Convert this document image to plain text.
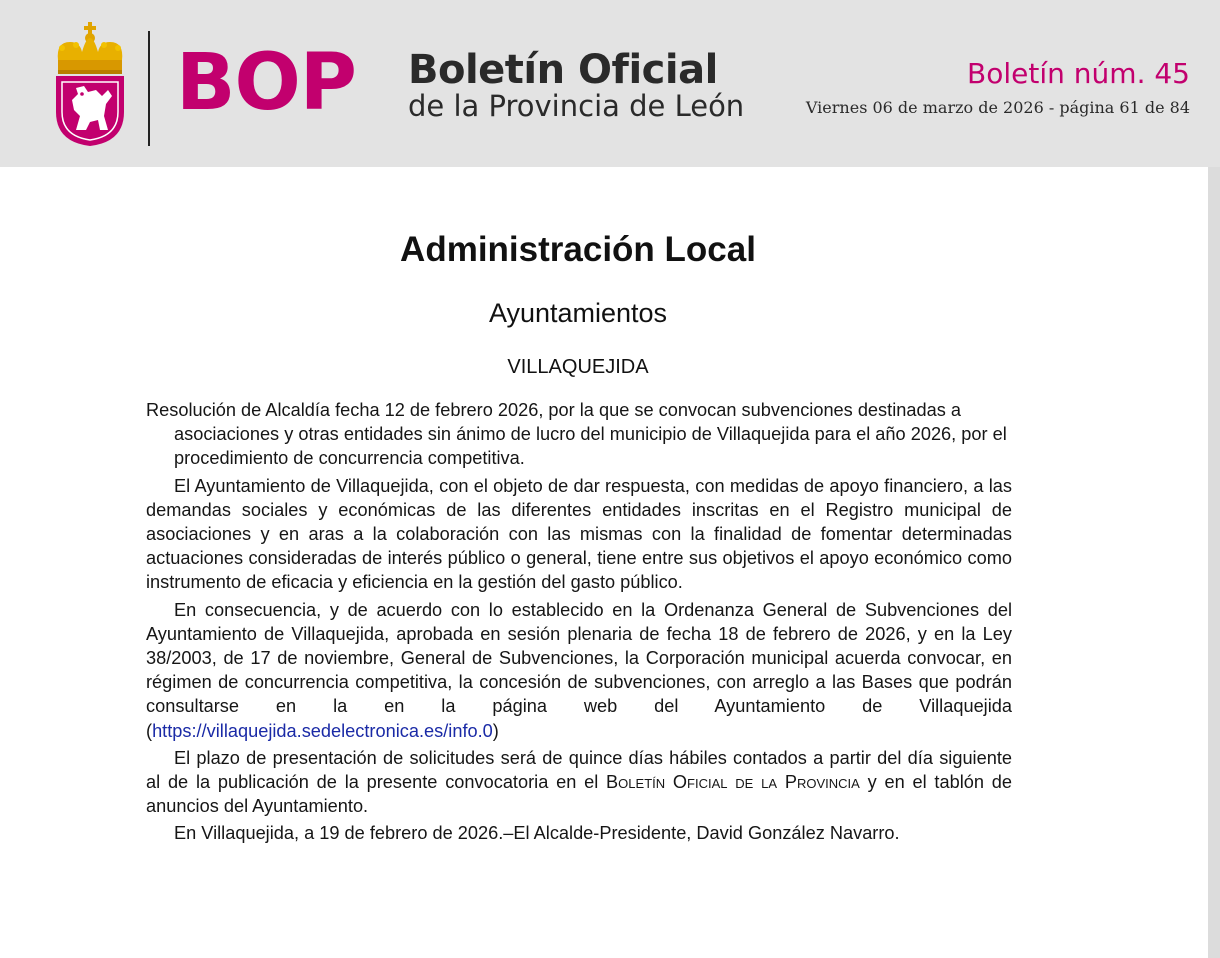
BOP Boletín Oficial
de la Provincia de León
Boletín núm. 45
Viernes 06 de marzo de 2026 - página 61 de 84
Administración Local
Ayuntamientos
VILLAQUEJIDA

Resolución de Alcaldía fecha 12 de febrero 2026, por la que se convocan subvenciones destinadas a asociaciones y otras entidades sin ánimo de lucro del municipio de Villaquejida para el año 2026, por el procedimiento de concurrencia competitiva.

El Ayuntamiento de Villaquejida, con el objeto de dar respuesta, con medidas de apoyo financiero, a las demandas sociales y económicas de las diferentes entidades inscritas en el Registro municipal de asociaciones y en aras a la colaboración con las mismas con la finalidad de fomentar determinadas actuaciones consideradas de interés público o general, tiene entre sus objetivos el apoyo económico como instrumento de eficacia y eficiencia en la gestión del gasto público.

En consecuencia, y de acuerdo con lo establecido en la Ordenanza General de Subvenciones del Ayuntamiento de Villaquejida, aprobada en sesión plenaria de fecha 18 de febrero de 2026, y en la Ley 38/2003, de 17 de noviembre, General de Subvenciones, la Corporación municipal acuerda convocar, en régimen de concurrencia competitiva, la concesión de subvenciones, con arreglo a las Bases que podrán consultarse en la en la página web del Ayuntamiento de Villaquejida (https://villaquejida.sedelectronica.es/info.0)

El plazo de presentación de solicitudes será de quince días hábiles contados a partir del día siguiente al de la publicación de la presente convocatoria en el Boletín Oficial de la Provincia y en el tablón de anuncios del Ayuntamiento.

En Villaquejida, a 19 de febrero de 2026.–El Alcalde-Presidente, David González Navarro.
